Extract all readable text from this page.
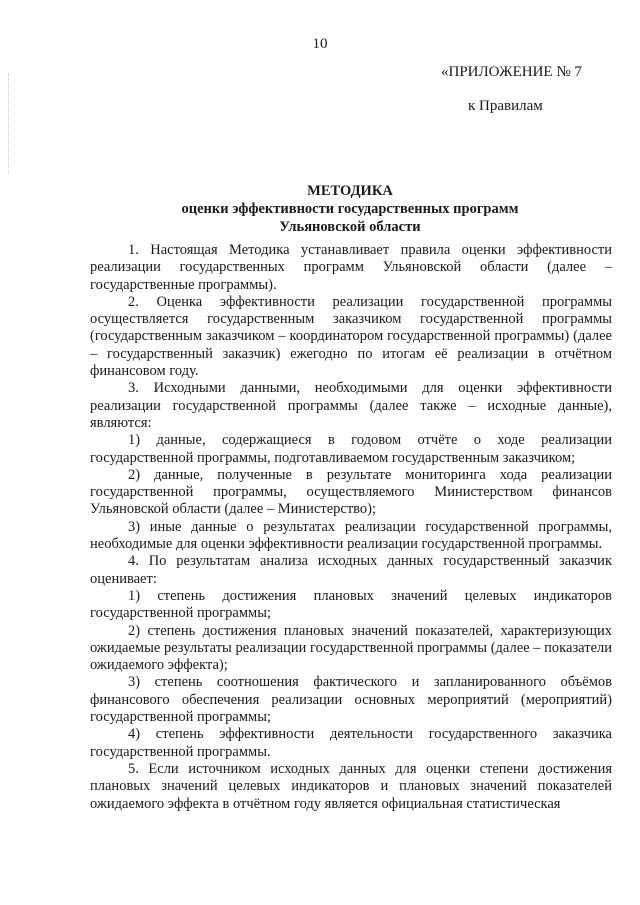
10
«ПРИЛОЖЕНИЕ № 7
к Правилам
МЕТОДИКА
оценки эффективности государственных программ
Ульяновской области

1. Настоящая Методика устанавливает правила оценки эффективности реализации государственных программ Ульяновской области (далее – государственные программы).

2. Оценка эффективности реализации государственной программы осуществляется государственным заказчиком государственной программы (государственным заказчиком – координатором государственной программы) (далее – государственный заказчик) ежегодно по итогам её реализации в отчётном финансовом году.

3. Исходными данными, необходимыми для оценки эффективности реализации государственной программы (далее также – исходные данные), являются:

1) данные, содержащиеся в годовом отчёте о ходе реализации государственной программы, подготавливаемом государственным заказчиком;

2) данные, полученные в результате мониторинга хода реализации государственной программы, осуществляемого Министерством финансов Ульяновской области (далее – Министерство);

3) иные данные о результатах реализации государственной программы, необходимые для оценки эффективности реализации государственной программы.

4. По результатам анализа исходных данных государственный заказчик оценивает:

1) степень достижения плановых значений целевых индикаторов государственной программы;

2) степень достижения плановых значений показателей, характеризующих ожидаемые результаты реализации государственной программы (далее – показатели ожидаемого эффекта);

3) степень соотношения фактического и запланированного объёмов финансового обеспечения реализации основных мероприятий (мероприятий) государственной программы;

4) степень эффективности деятельности государственного заказчика государственной программы.

5. Если источником исходных данных для оценки степени достижения плановых значений целевых индикаторов и плановых значений показателей ожидаемого эффекта в отчётном году является официальная статистическая
